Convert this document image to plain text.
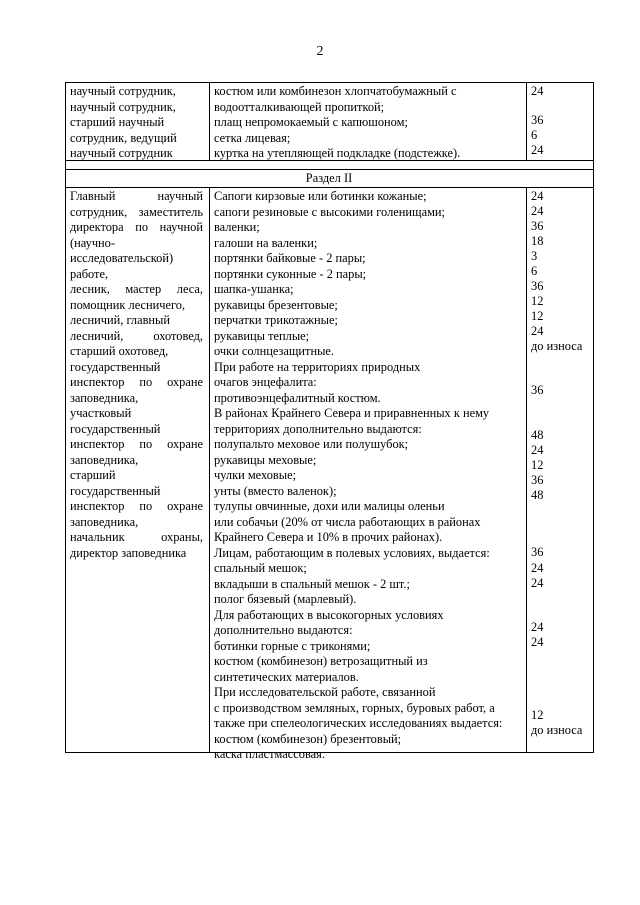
2
Раздел II
научный сотрудник,
научный сотрудник,
старший научный
сотрудник, ведущий
научный сотрудник
костюм или комбинезон хлопчатобумажный с
водоотталкивающей пропиткой;
плащ непромокаемый с капюшоном;
сетка лицевая;
куртка на утепляющей подкладке (подстежке).
24
36
6
24
Главный научный
сотрудник, заместитель
директора по научной
(научно-
исследовательской)
работе,
лесник, мастер леса,
помощник лесничего,
лесничий, главный
лесничий, охотовед,
старший охотовед,
государственный
инспектор по охране
заповедника,
участковый
государственный
инспектор по охране
заповедника,
старший
государственный
инспектор по охране
заповедника,
начальник охраны,
директор заповедника
Сапоги кирзовые или ботинки кожаные;
сапоги резиновые с высокими голенищами;
валенки;
галоши на валенки;
портянки байковые - 2 пары;
портянки суконные - 2 пары;
шапка-ушанка;
рукавицы брезентовые;
перчатки трикотажные;
рукавицы теплые;
очки солнцезащитные.
При работе на территориях природных
очагов энцефалита:
противоэнцефалитный костюм.
В районах Крайнего Севера и приравненных к нему
территориях дополнительно выдаются:
полупальто меховое или полушубок;
рукавицы меховые;
чулки меховые;
унты (вместо валенок);
тулупы овчинные, дохи или малицы оленьи
или собачьи (20% от числа работающих в районах
Крайнего Севера и 10% в прочих районах).
Лицам, работающим в полевых условиях, выдается:
спальный мешок;
вкладыши в спальный мешок - 2 шт.;
полог бязевый (марлевый).
Для работающих в высокогорных условиях
дополнительно выдаются:
ботинки горные с триконями;
костюм (комбинезон) ветрозащитный из
синтетических материалов.
При исследовательской работе, связанной
с производством земляных, горных, буровых работ, а
также при спелеологических исследованиях выдается:
костюм (комбинезон) брезентовый;
каска пластмассовая.
24
24
36
18
3
6
36
12
12
24
до износа
36
48
24
12
36
48
36
24
24
24
24
12
до износа
